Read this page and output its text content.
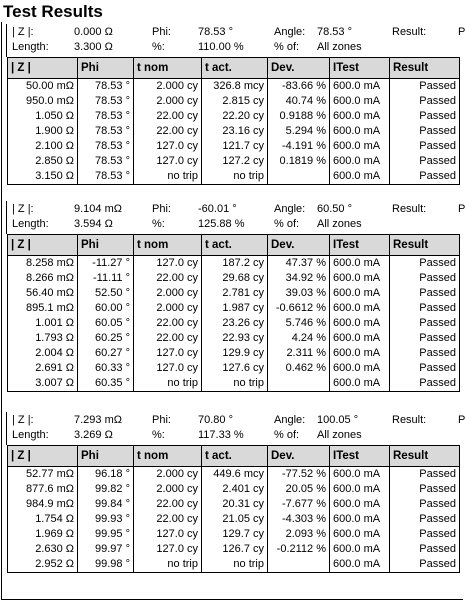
Test Results
| Z |:	0.000 Ω	Phi: 78.53 °	Angle: 78.53 °	Result:	P
Length: 3.300 Ω	%:	110.00 %	% of: All zones
| Z |	Phi	t nom	t act.	Dev.	ITest	Result
50.00 mΩ	78.53 °	2.000 cy	326.8 mcy	-83.66 %	600.0 mA	Passed
950.0 mΩ	78.53 °	2.000 cy	2.815 cy	40.74 %	600.0 mA	Passed
1.050 Ω	78.53 °	22.00 cy	22.20 cy	0.9188 %	600.0 mA	Passed
1.900 Ω	78.53 °	22.00 cy	23.16 cy	5.294 %	600.0 mA	Passed
2.100 Ω	78.53 °	127.0 cy	121.7 cy	-4.191 %	600.0 mA	Passed
2.850 Ω	78.53 °	127.0 cy	127.2 cy	0.1819 %	600.0 mA	Passed
3.150 Ω	78.53 °	no trip	no trip		600.0 mA	Passed
| Z |:	9.104 mΩ	Phi: -60.01 °	Angle: 60.50 °	Result:	P
Length: 3.594 Ω	%:	125.88 %	% of: All zones
| Z |	Phi	t nom	t act.	Dev.	ITest	Result
8.258 mΩ	-11.27 °	127.0 cy	187.2 cy	47.37 %	600.0 mA	Passed
8.266 mΩ	-11.11 °	22.00 cy	29.68 cy	34.92 %	600.0 mA	Passed
56.40 mΩ	52.50 °	2.000 cy	2.781 cy	39.03 %	600.0 mA	Passed
895.1 mΩ	60.00 °	2.000 cy	1.987 cy	-0.6612 %	600.0 mA	Passed
1.001 Ω	60.05 °	22.00 cy	23.26 cy	5.746 %	600.0 mA	Passed
1.793 Ω	60.25 °	22.00 cy	22.93 cy	4.24 %	600.0 mA	Passed
2.004 Ω	60.27 °	127.0 cy	129.9 cy	2.311 %	600.0 mA	Passed
2.691 Ω	60.33 °	127.0 cy	127.6 cy	0.462 %	600.0 mA	Passed
3.007 Ω	60.35 °	no trip	no trip		600.0 mA	Passed
| Z |:	7.293 mΩ	Phi: 70.80 °	Angle: 100.05 °	Result:	P
Length: 3.269 Ω	%:	117.33 %	% of: All zones
| Z |	Phi	t nom	t act.	Dev.	ITest	Result
52.77 mΩ	96.18 °	2.000 cy	449.6 mcy	-77.52 %	600.0 mA	Passed
877.6 mΩ	99.82 °	2.000 cy	2.401 cy	20.05 %	600.0 mA	Passed
984.9 mΩ	99.84 °	22.00 cy	20.31 cy	-7.677 %	600.0 mA	Passed
1.754 Ω	99.93 °	22.00 cy	21.05 cy	-4.303 %	600.0 mA	Passed
1.969 Ω	99.95 °	127.0 cy	129.7 cy	2.093 %	600.0 mA	Passed
2.630 Ω	99.97 °	127.0 cy	126.7 cy	-0.2112 %	600.0 mA	Passed
2.952 Ω	99.98 °	no trip	no trip		600.0 mA	Passed
